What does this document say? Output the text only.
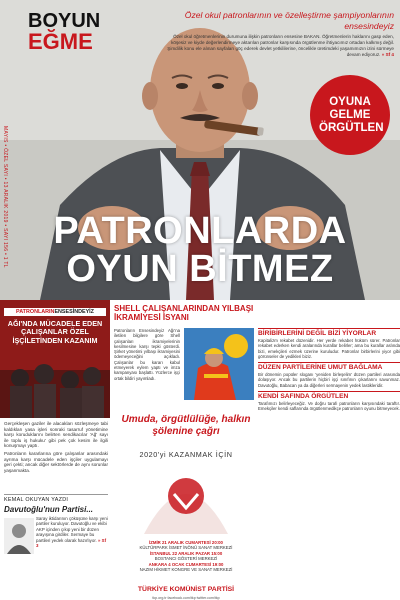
BOYUN
EĞME
Özel okul patronlarının ve özelleştirme şampiyonlarının ensesindeyiz
Özel okul öğretmenlerinin durumuna ilişkin patronların ensesine BAKAN. Öğretmenlerin haklarını gasp eden, köşesiz ve kiyde değerlendirmeye aktarılan patronlar karşısında örgütlenme ihtiyacımız ortadan kalkmış değil. Şimdilik konu ele alınan sayfaları göç ederek devlet yetkililerine, öncelikle üretimdeki yaşamımızın izini sürmeye devam ediyoruz. » Sf 4
MAYIS • ÖZEL SAYI • 13 ARALIK 2019 • SAYI 156 • 1 TL
OYUNA GELME ÖRGÜTLEN
PATRONLARDA
OYUN BİTMEZ
PATRONLARINENSESİNDEYİZ
AĞI'NDA MÜCADELE EDEN ÇALIŞANLAR ÖZEL İŞÇİLETİNDEN KAZANIM

Gerçekleşen gaziler ile alacakları sözleşmeye tabi kaldıkları yasa işleri sonraki tasarruf yönetimine karşı koruduklarını belirten sendikacılar 'Ağ' sayı ile toplu iş hukuku' gibi pek çok kesim ile ilgili konuşmayı yaptı.

Patronların kararlarına göre çalışanlar arasındaki ayrıma karşı mücadele eden işçiler uygulamayı geri çekti; ancak diğer sektörlerde de aynı sorunlar yaşanmakta.

KEMAL OKUYAN YAZDI
Davutoğlu'nun Partisi...
Saray iktidarının çöküşüne karşı yeni partiler kuruluyor. Davutoğlu ve ekibi AKP içinden çıkıp yeni bir düzen arayışına girdiler. Sermaye bu partileri yedek olarak hazırlıyor. » Sf 3
SHELL ÇALIŞANLARINDAN YILBAŞI İKRAMİYESİ İSYANI
Patronların Ensesindeyiz Ağı'na iletilen bilgilere göre Shell çalışanları ikramiyelerinin kesilmesine karşı tepki gösterdi. Şirket yönetimi yılbaşı ikramiyesini ödemeyeceğini açıkladı. Çalışanlar bu kararı kabul etmeyerek eylem yaptı ve imza kampanyası başlattı. Yüzlerce işçi ortak bildiri yayımladı.
Umuda, örgütlülüğe, halkın şölenine çağrı
2020'yi KAZANMAK İÇİN
İZMİR 21 ARALIK CUMARTESİ 20:00
KÜLTÜRPARK İSMET İNÖNÜ SANAT MERKEZİ
İSTANBUL 22 ARALIK PAZAR 15:00
BOSTANCI GÖSTERİ MERKEZİ
ANKARA 4 OCAK CUMARTESİ 19:00
NAZIM HİKMET KONGRE VE SANAT MERKEZİ
TÜRKİYE KOMÜNİST PARTİSİ
tkp.org.tr facebook.com/tkp twitter.com/tkp
BİRİBİRLERİNİ DEĞİL BİZİ YİYORLAR
Kapitalizm rekabet düzenidir. Her yerde rekabet hüküm sürer. Patronlar rekabet ederken kendi aralarında kurallar belirler; ama bu kurallar aslında bizi, emekçileri ezmek üzerine kuruludur. Patronlar birbirlerini yiyor gibi görünseler de yedikleri biziz.
DÜZEN PARTİLERİNE UMUT BAĞLAMA
Bir dönemin popüler sloganı 'yeniden birleşelim' düzen partileri arasında dolaşıyor. Ancak bu partilerin hiçbiri işçi sınıfının çıkarlarını savunmaz. Davutoğlu, Babacan ya da diğerleri sermayenin yedek lastikleridir.
KENDİ SAFINDA ÖRGÜTLEN
Tarafımızı belirleyeceğiz. Ve doğru tarafı patronların karşısındaki taraftır. Emekçiler kendi saflarında örgütlenmedikçe patronların oyunu bitmeyecek.
